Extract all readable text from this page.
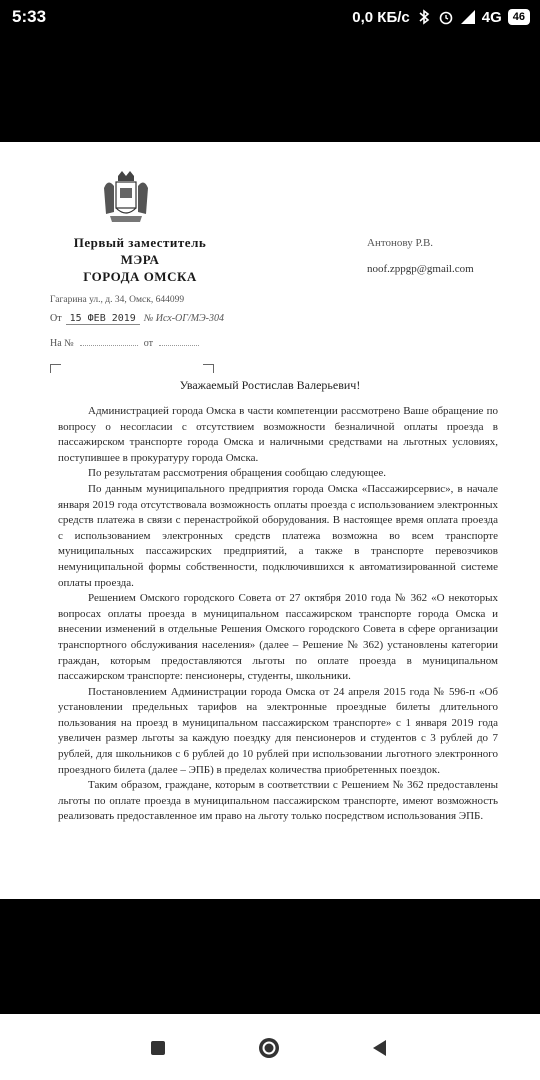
5:33	0,0 КБ/с	4G	46
Первый заместитель
МЭРА
ГОРОДА ОМСКА
Антонову Р.В.
noof.zppgp@gmail.com
Гагарина ул., д. 34, Омск, 644099
От 15 ФЕВ 2019 № Исх-ОГ/МЭ-304
На №	от
Уважаемый Ростислав Валерьевич!

Администрацией города Омска в части компетенции рассмотрено Ваше обращение по вопросу о несогласии с отсутствием возможности безналичной оплаты проезда в пассажирском транспорте города Омска и наличными средствами на льготных условиях, поступившее в прокуратуру города Омска.

По результатам рассмотрения обращения сообщаю следующее.

По данным муниципального предприятия города Омска «Пассажирсервис», в начале января 2019 года отсутствовала возможность оплаты проезда с использованием электронных средств платежа в связи с перенастройкой оборудования. В настоящее время оплата проезда с использованием электронных средств платежа возможна во всем транспорте муниципальных пассажирских предприятий, а также в транспорте перевозчиков немуниципальной формы собственности, подключившихся к автоматизированной системе оплаты проезда.

Решением Омского городского Совета от 27 октября 2010 года № 362 «О некоторых вопросах оплаты проезда в муниципальном пассажирском транспорте города Омска и внесении изменений в отдельные Решения Омского городского Совета в сфере организации транспортного обслуживания населения» (далее – Решение № 362) установлены категории граждан, которым предоставляются льготы по оплате проезда в муниципальном пассажирском транспорте: пенсионеры, студенты, школьники.

Постановлением Администрации города Омска от 24 апреля 2015 года № 596-п «Об установлении предельных тарифов на электронные проездные билеты длительного пользования на проезд в муниципальном пассажирском транспорте» с 1 января 2019 года увеличен размер льготы за каждую поездку для пенсионеров и студентов с 3 рублей до 7 рублей, для школьников с 6 рублей до 10 рублей при использовании льготного электронного проездного билета (далее – ЭПБ) в пределах количества приобретенных поездок.

Таким образом, граждане, которым в соответствии с Решением № 362 предоставлены льготы по оплате проезда в муниципальном пассажирском транспорте, имеют возможность реализовать предоставленное им право на льготу только посредством использования ЭПБ.
